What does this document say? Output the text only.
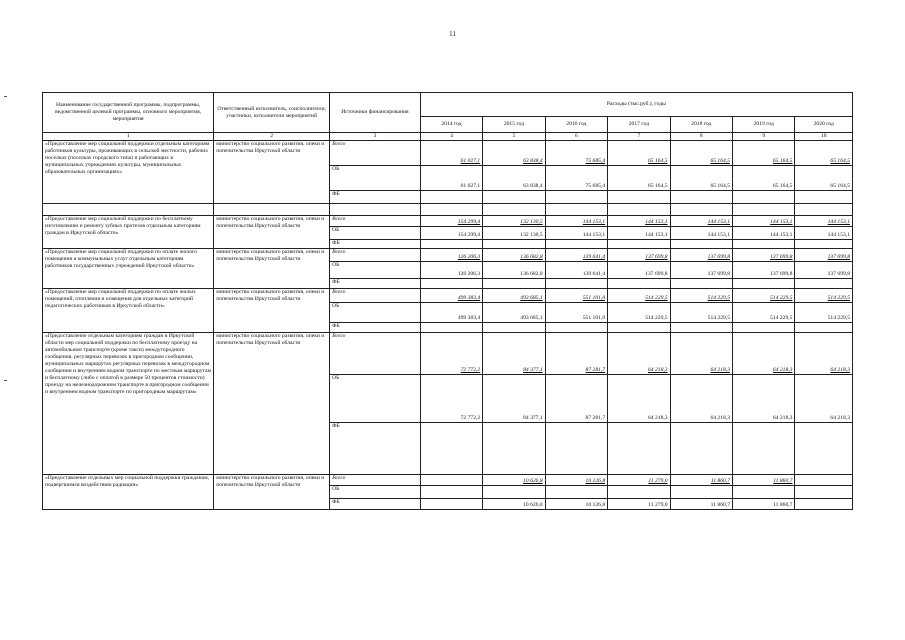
11
Наименование государственной программы, подпрограммы, ведомственной целевой программы, основного мероприятия, мероприятия	Ответственный исполнитель, соисполнители, участники, исполнители мероприятий	Источники финансирования	Расходы (тыс.руб.), годы						
			2014 год	2015 год	2016 год	2017 год	2018 год	2019 год	2020 год
1	2	3	4	5	6	7	8	9	10
«Предоставление мер социальной поддержки отдельным категориям работников культуры, проживающих в сельской местности, рабочих поселках (поселках городского типа) и работающих в муниципальных учреждениях культуры, муниципальных образовательных организациях»	министерство социального развития, опеки и попечительства Иркутской области	Всего	61 027,1	63 838,4	75 685,4	65 164,5	65 164,5	65 164,5	65 164,5
		ОБ	61 027,1	63 838,4	75 685,4	65 164,5	65 164,5	65 164,5	65 164,5
		ФБ							

«Предоставление мер социальной поддержки по бесплатному изготовлению и ремонту зубных протезов отдельным категориям граждан в Иркутской области»	министерство социального развития, опеки и попечительства Иркутской области	Всего	154 299,4	132 130,5	144 153,1	144 153,1	144 153,1	144 153,1	144 153,1
		ОБ	154 299,4	132 130,5	144 153,1	144 153,1	144 153,1	144 153,1	144 153,1
		ФБ							
«Предоставление мер социальной поддержки по оплате жилого помещения и коммунальных услуг отдельным категориям работников государственных учреждений Иркутской области»	министерство социального развития, опеки и попечительства Иркутской области	Всего	126 206,3	136 682,8	139 641,4	137 699,8	137 699,8	137 699,8	137 699,8
		ОБ	126 206,3	136 682,8	139 641,4	137 699,8	137 699,8	137 699,8	137 699,8
		ФБ							
«Предоставление мер социальной поддержки по оплате жилых помещений, отопления и освещения для отдельных категорий педагогических работников в Иркутской области»	министерство социального развития, опеки и попечительства Иркутской области	Всего	499 383,4	493 685,1	551 101,0	514 229,5	514 229,5	514 229,5	514 229,5
		ОБ	499 383,4	493 685,1	551 101,0	514 229,5	514 229,5	514 229,5	514 229,5
		ФБ							
«Предоставление отдельным категориям граждан в Иркутской области мер социальной поддержки по бесплатному проезду на автомобильном транспорте (кроме такси) междугородного сообщения, регулярных перевозок в пригородном сообщении, муниципальных маршрутах регулярных перевозок в междугородном сообщении и внутреннем водном транспорте по местным маршрутам и бесплатному (либо с оплатой в размере 50 процентов стоимости) проезду на железнодорожном транспорте в пригородном сообщении и внутреннем водном транспорте по пригородным маршрутам»	министерство социального развития, опеки и попечительства Иркутской области	Всего	72 772,2	84 377,1	87 281,7	64 218,3	64 218,3	64 218,3	64 218,3
		ОБ	72 772,2	84 377,1	87 281,7	64 218,3	64 218,3	64 218,3	64 218,3
		ФБ							
«Предоставление отдельных мер социальной поддержки гражданам, подвергшимся воздействию радиации»	министерство социального развития, опеки и попечительства Иркутской области	Всего		10 626,8	10 126,8	11 279,0	11 860,7	11 860,7	
		ОБ							
		ФБ		10 626,8	10 126,8	11 279,0	11 860,7	11 860,7	
